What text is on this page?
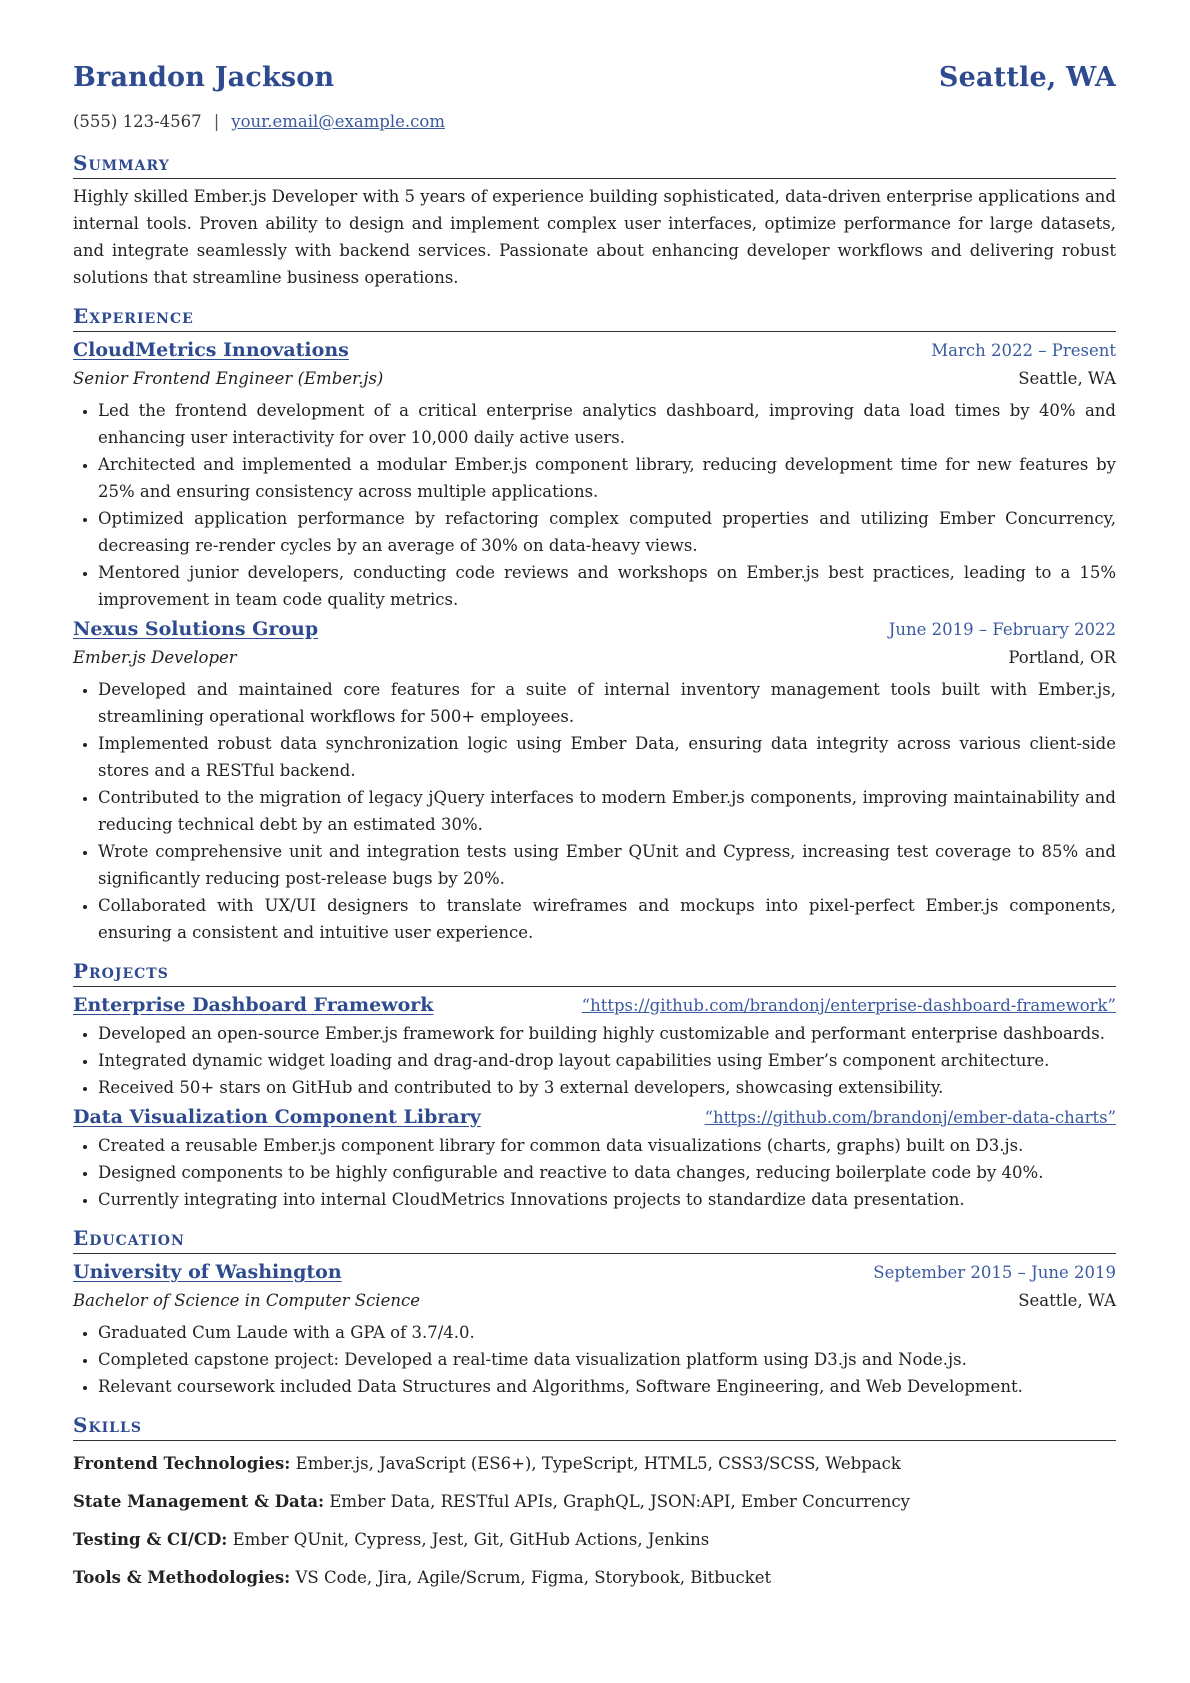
Brandon Jackson	Seattle, WA
(555) 123-4567 | your.email@example.com
Summary

Highly skilled Ember.js Developer with 5 years of experience building sophisticated, data-driven enterprise applications and internal tools. Proven ability to design and implement complex user interfaces, optimize performance for large datasets, and integrate seamlessly with backend services. Passionate about enhancing developer workflows and delivering robust solutions that streamline business operations.

Experience
CloudMetrics Innovations	March 2022 – Present
Senior Frontend Engineer (Ember.js)	Seattle, WA
• Led the frontend development of a critical enterprise analytics dashboard, improving data load times by 40% and enhancing user interactivity for over 10,000 daily active users.
• Architected and implemented a modular Ember.js component library, reducing development time for new features by 25% and ensuring consistency across multiple applications.
• Optimized application performance by refactoring complex computed properties and utilizing Ember Concurrency, decreasing re-render cycles by an average of 30% on data-heavy views.
• Mentored junior developers, conducting code reviews and workshops on Ember.js best practices, leading to a 15% improvement in team code quality metrics.
Nexus Solutions Group	June 2019 – February 2022
Ember.js Developer	Portland, OR
• Developed and maintained core features for a suite of internal inventory management tools built with Ember.js, streamlining operational workflows for 500+ employees.
• Implemented robust data synchronization logic using Ember Data, ensuring data integrity across various client-side stores and a RESTful backend.
• Contributed to the migration of legacy jQuery interfaces to modern Ember.js components, improving maintainability and reducing technical debt by an estimated 30%.
• Wrote comprehensive unit and integration tests using Ember QUnit and Cypress, increasing test coverage to 85% and significantly reducing post-release bugs by 20%.
• Collaborated with UX/UI designers to translate wireframes and mockups into pixel-perfect Ember.js components, ensuring a consistent and intuitive user experience.
Projects
Enterprise Dashboard Framework	“https://github.com/brandonj/enterprise-dashboard-framework”
• Developed an open-source Ember.js framework for building highly customizable and performant enterprise dashboards.
• Integrated dynamic widget loading and drag-and-drop layout capabilities using Ember’s component architecture.
• Received 50+ stars on GitHub and contributed to by 3 external developers, showcasing extensibility.
Data Visualization Component Library	“https://github.com/brandonj/ember-data-charts”
• Created a reusable Ember.js component library for common data visualizations (charts, graphs) built on D3.js.
• Designed components to be highly configurable and reactive to data changes, reducing boilerplate code by 40%.
• Currently integrating into internal CloudMetrics Innovations projects to standardize data presentation.
Education
University of Washington	September 2015 – June 2019
Bachelor of Science in Computer Science	Seattle, WA
• Graduated Cum Laude with a GPA of 3.7/4.0.
• Completed capstone project: Developed a real-time data visualization platform using D3.js and Node.js.
• Relevant coursework included Data Structures and Algorithms, Software Engineering, and Web Development.
Skills
Frontend Technologies: Ember.js, JavaScript (ES6+), TypeScript, HTML5, CSS3/SCSS, Webpack
State Management & Data: Ember Data, RESTful APIs, GraphQL, JSON:API, Ember Concurrency
Testing & CI/CD: Ember QUnit, Cypress, Jest, Git, GitHub Actions, Jenkins
Tools & Methodologies: VS Code, Jira, Agile/Scrum, Figma, Storybook, Bitbucket
